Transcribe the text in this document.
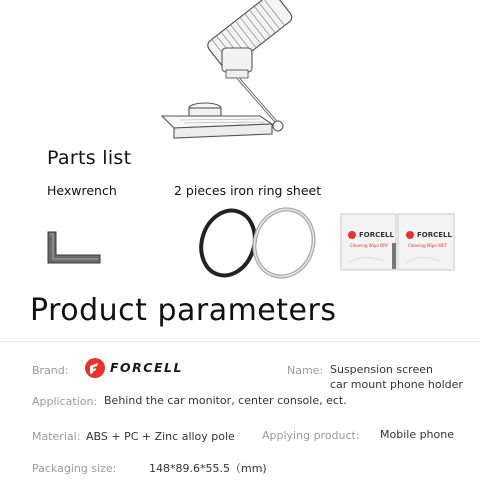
Parts list
Hexwrench	2 pieces iron ring sheet
FORCELL
Cleaning Wipe DRY
FORCELL
Cleaning Wipe WET
Product parameters
Brand:	FORCELL	Name: Suspension screen
car mount phone holder
Application: Behind the car monitor, center console, ect.
Material: ABS + PC + Zinc alloy pole Applying product: Mobile phone
Packaging size:	148*89.6*55.5（mm)
